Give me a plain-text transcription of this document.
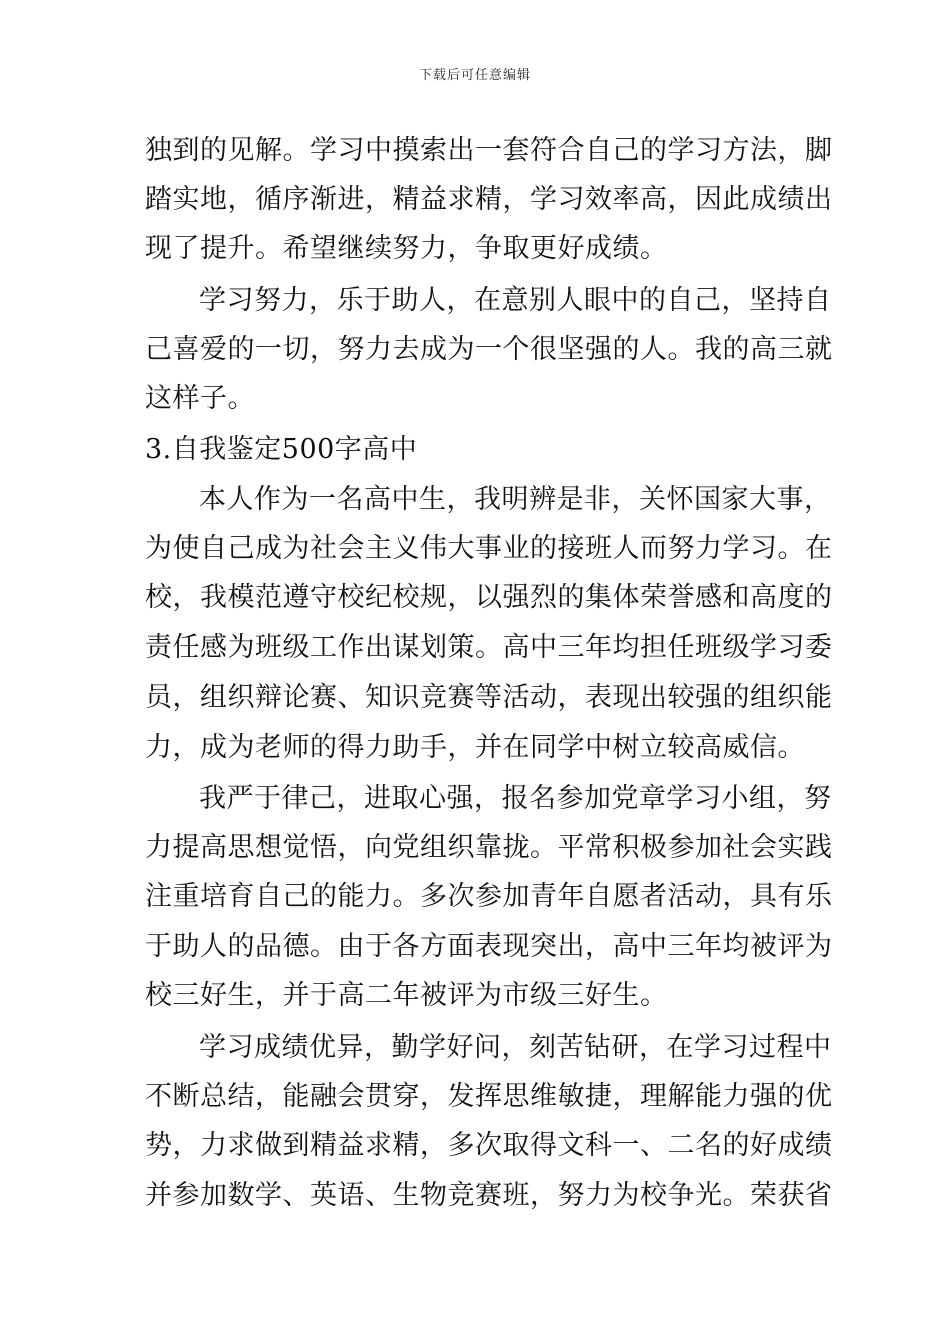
下载后可任意编辑
独到的见解。学习中摸索出一套符合自己的学习方法，脚
踏实地，循序渐进，精益求精，学习效率高，因此成绩出
现了提升。希望继续努力，争取更好成绩。
学习努力，乐于助人，在意别人眼中的自己，坚持自
己喜爱的一切，努力去成为一个很坚强的人。我的高三就
这样子。
3.自我鉴定500字高中
本人作为一名高中生，我明辨是非，关怀国家大事，
为使自己成为社会主义伟大事业的接班人而努力学习。在
校，我模范遵守校纪校规，以强烈的集体荣誉感和高度的
责任感为班级工作出谋划策。高中三年均担任班级学习委
员，组织辩论赛、知识竞赛等活动，表现出较强的组织能
力，成为老师的得力助手，并在同学中树立较高威信。
我严于律己，进取心强，报名参加党章学习小组，努
力提高思想觉悟，向党组织靠拢。平常积极参加社会实践
注重培育自己的能力。多次参加青年自愿者活动，具有乐
于助人的品德。由于各方面表现突出，高中三年均被评为
校三好生，并于高二年被评为市级三好生。
学习成绩优异，勤学好问，刻苦钻研，在学习过程中
不断总结，能融会贯穿，发挥思维敏捷，理解能力强的优
势，力求做到精益求精，多次取得文科一、二名的好成绩
并参加数学、英语、生物竞赛班，努力为校争光。荣获省
